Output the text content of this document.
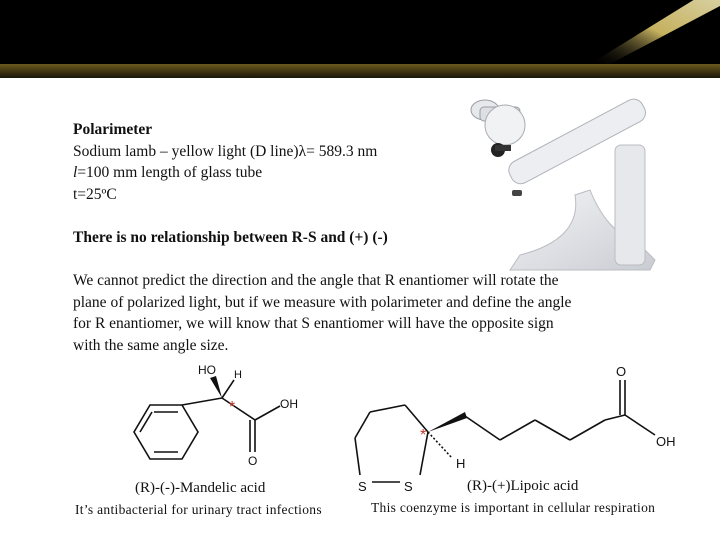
Polarimeter
Sodium lamb – yellow light (D line)λ= 589.3 nm
l=100 mm length of glass tube
t=25ºC
There is no relationship between R-S and (+) (-)
We cannot predict the direction and the angle that R enantiomer will rotate the
plane of polarized light, but if we measure with polarimeter and define the angle
for R enantiomer, we will know that S enantiomer will have the opposite sign
with the same angle size.
HO H
OH
O
*
O
OH
H
S	S
*
(R)-(-)-Mandelic acid
It’s antibacterial for urinary tract infections
(R)-(+)Lipoic acid
This coenzyme is important in cellular respiration
